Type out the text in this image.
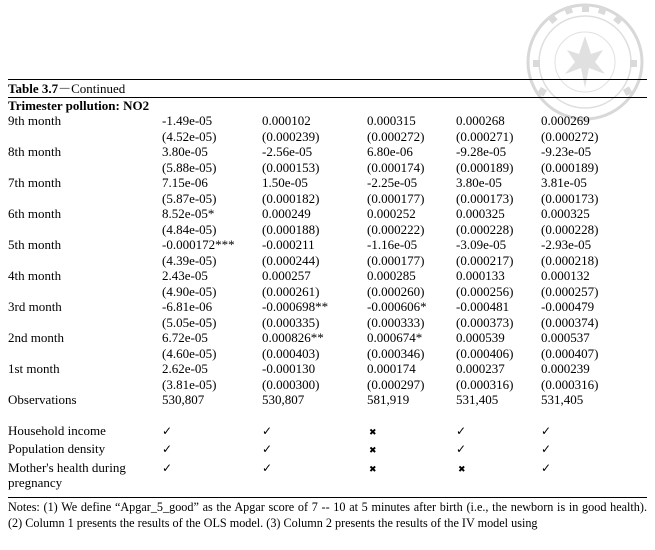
Table 3.7－Continued					
Trimester pollution: NO2					
9th month	-1.49e-05	0.000102	0.000315	0.000268	0.000269
	(4.52e-05)	(0.000239)	(0.000272)	(0.000271)	(0.000272)
8th month	3.80e-05	-2.56e-05	6.80e-06	-9.28e-05	-9.23e-05
	(5.88e-05)	(0.000153)	(0.000174)	(0.000189)	(0.000189)
7th month	7.15e-06	1.50e-05	-2.25e-05	3.80e-05	3.81e-05
	(5.87e-05)	(0.000182)	(0.000177)	(0.000173)	(0.000173)
6th month	8.52e-05*	0.000249	0.000252	0.000325	0.000325
	(4.84e-05)	(0.000188)	(0.000222)	(0.000228)	(0.000228)
5th month	-0.000172***	-0.000211	-1.16e-05	-3.09e-05	-2.93e-05
	(4.39e-05)	(0.000244)	(0.000177)	(0.000217)	(0.000218)
4th month	2.43e-05	0.000257	0.000285	0.000133	0.000132
	(4.90e-05)	(0.000261)	(0.000260)	(0.000256)	(0.000257)
3rd month	-6.81e-06	-0.000698**	-0.000606*	-0.000481	-0.000479
	(5.05e-05)	(0.000335)	(0.000333)	(0.000373)	(0.000374)
2nd month	6.72e-05	0.000826**	0.000674*	0.000539	0.000537
	(4.60e-05)	(0.000403)	(0.000346)	(0.000406)	(0.000407)
1st month	2.62e-05	-0.000130	0.000174	0.000237	0.000239
	(3.81e-05)	(0.000300)	(0.000297)	(0.000316)	(0.000316)
Observations	530,807	530,807	581,919	531,405	531,405

Household income	✓	✓	✖	✓	✓
Population density	✓	✓	✖	✓	✓
Mother's health during pregnancy	✓	✓	✖	✖	✓

Notes: (1) We define “Apgar_5_good” as the Apgar score of 7 -- 10 at 5 minutes after birth (i.e., the newborn is in good health). (2) Column 1 presents the results of the OLS model. (3) Column 2 presents the results of the IV model using
